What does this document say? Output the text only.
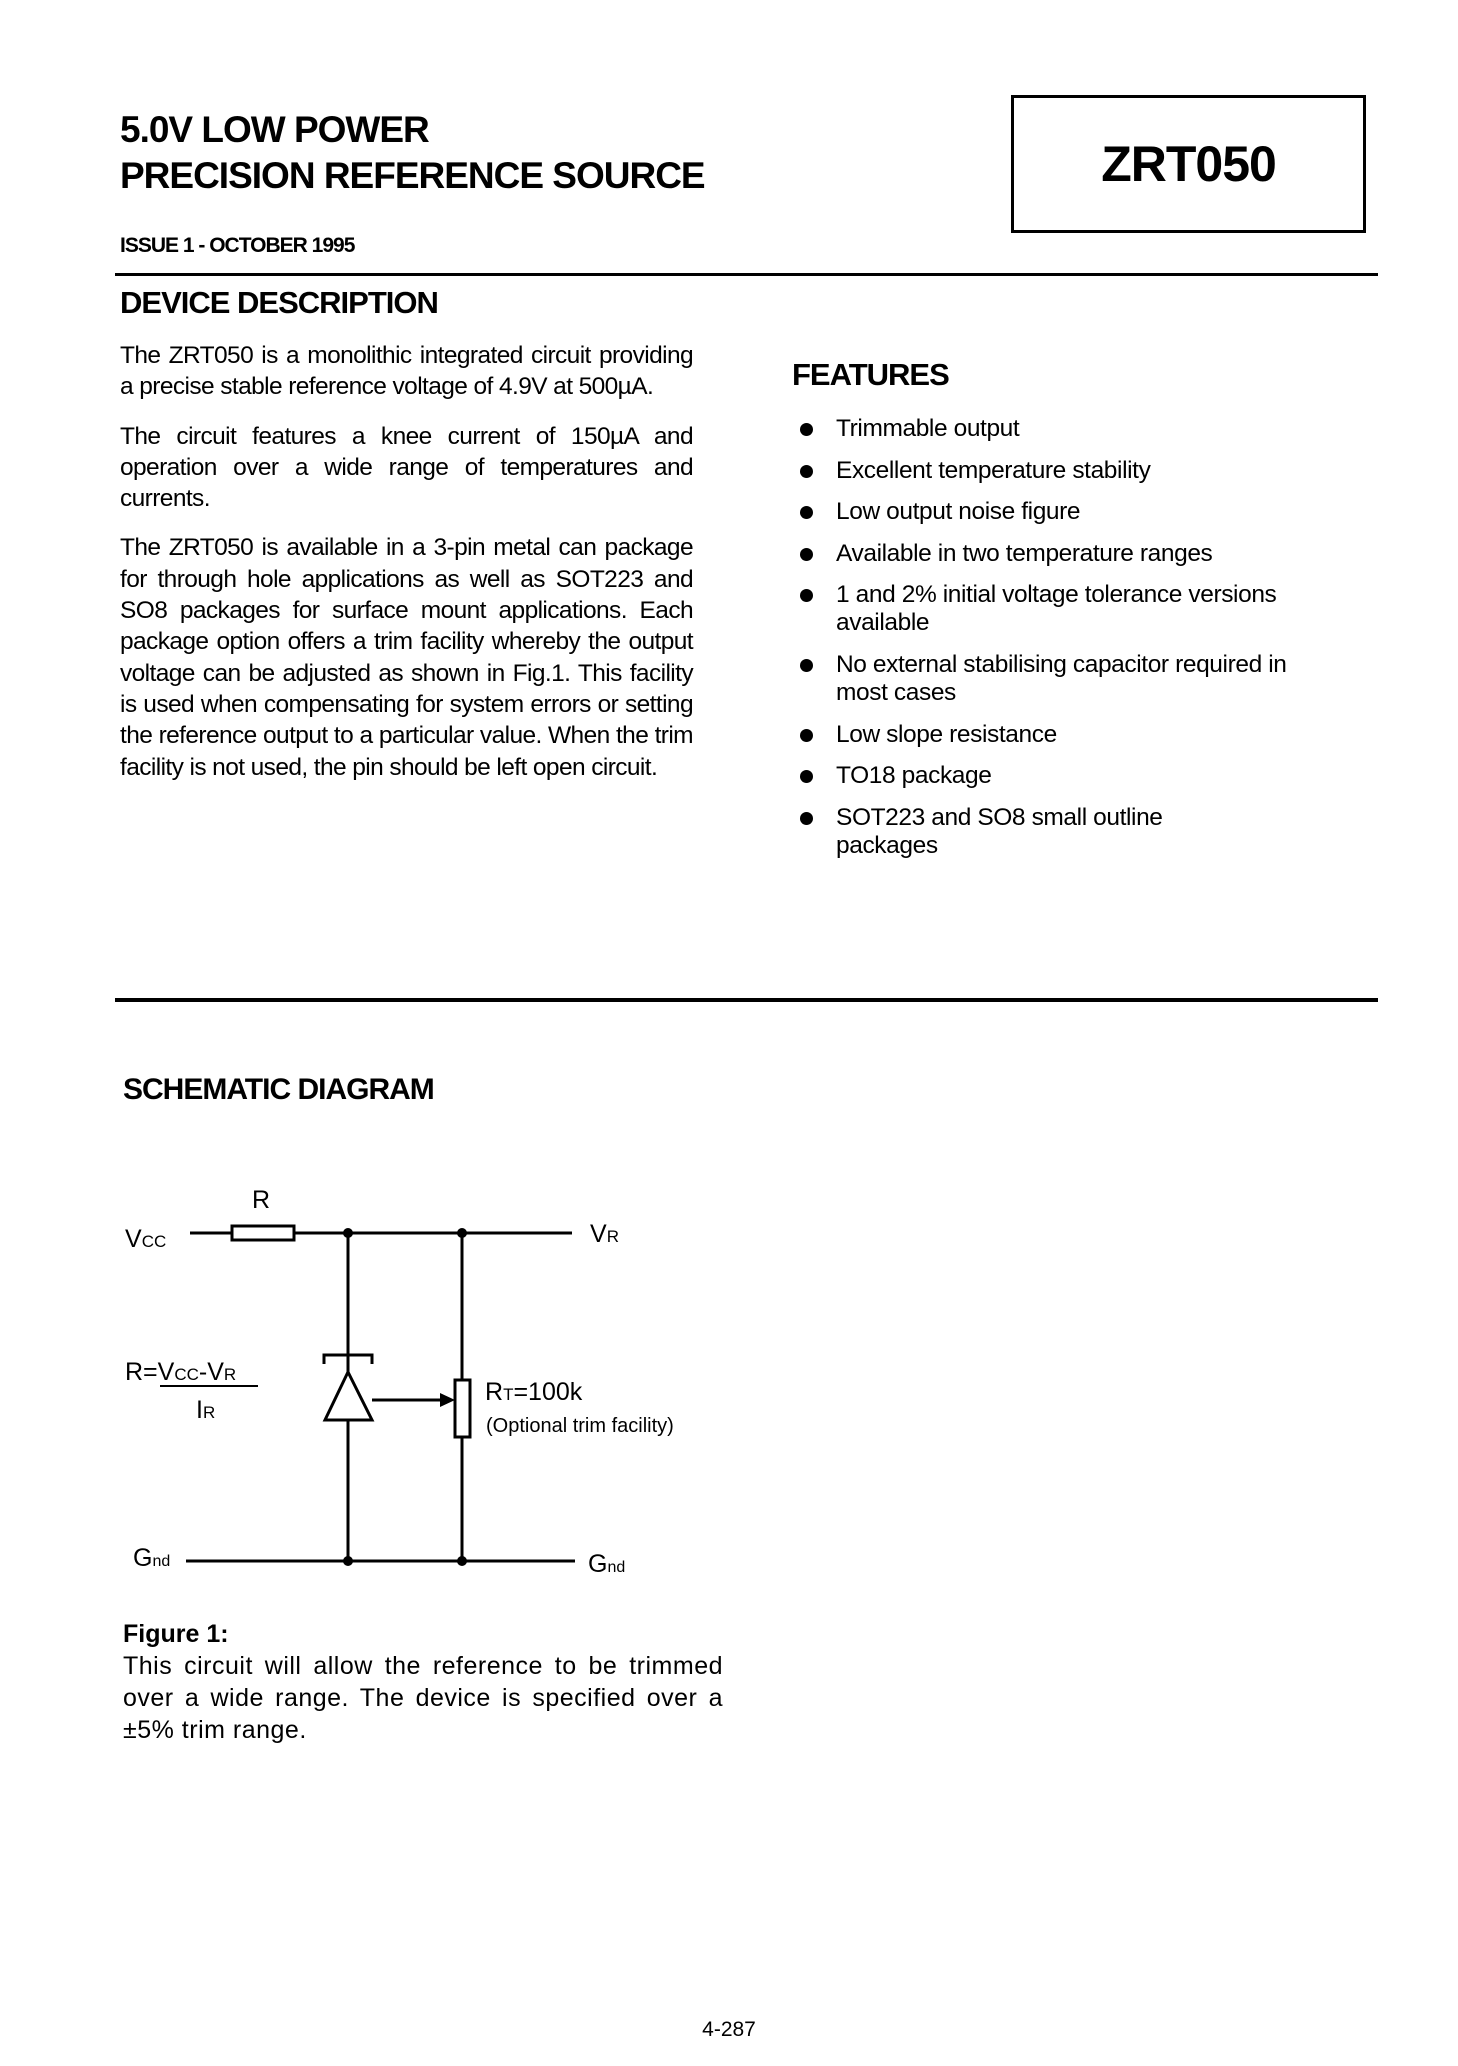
5.0V LOW POWER
PRECISION REFERENCE SOURCE	ZRT050
ISSUE 1 - OCTOBER 1995
DEVICE DESCRIPTION

The ZRT050 is a monolithic integrated circuit providing a precise stable reference voltage of 4.9V at 500µA.

The circuit features a knee current of 150µA and operation over a wide range of temperatures and currents.

The ZRT050 is available in a 3-pin metal can package for through hole applications as well as SOT223 and SO8 packages for surface mount applications. Each package option offers a trim facility whereby the output voltage can be adjusted as shown in Fig.1. This facility is used when compensating for system errors or setting the reference output to a particular value. When the trim facility is not used, the pin should be left open circuit.

FEATURES
Trimmable output
Excellent temperature stability
Low output noise figure
Available in two temperature ranges
1 and 2% initial voltage tolerance versions available
No external stabilising capacitor required in most cases
Low slope resistance
TO18 package
SOT223 and SO8 small outline packages
SCHEMATIC DIAGRAM
R
VCC	VR
R=VCC-VR
IR
RT=100k
(Optional trim facility)
Gnd	Gnd
Figure 1:
This circuit will allow the reference to be trimmed over a wide range. The device is specified over a ±5% trim range.
4-287
